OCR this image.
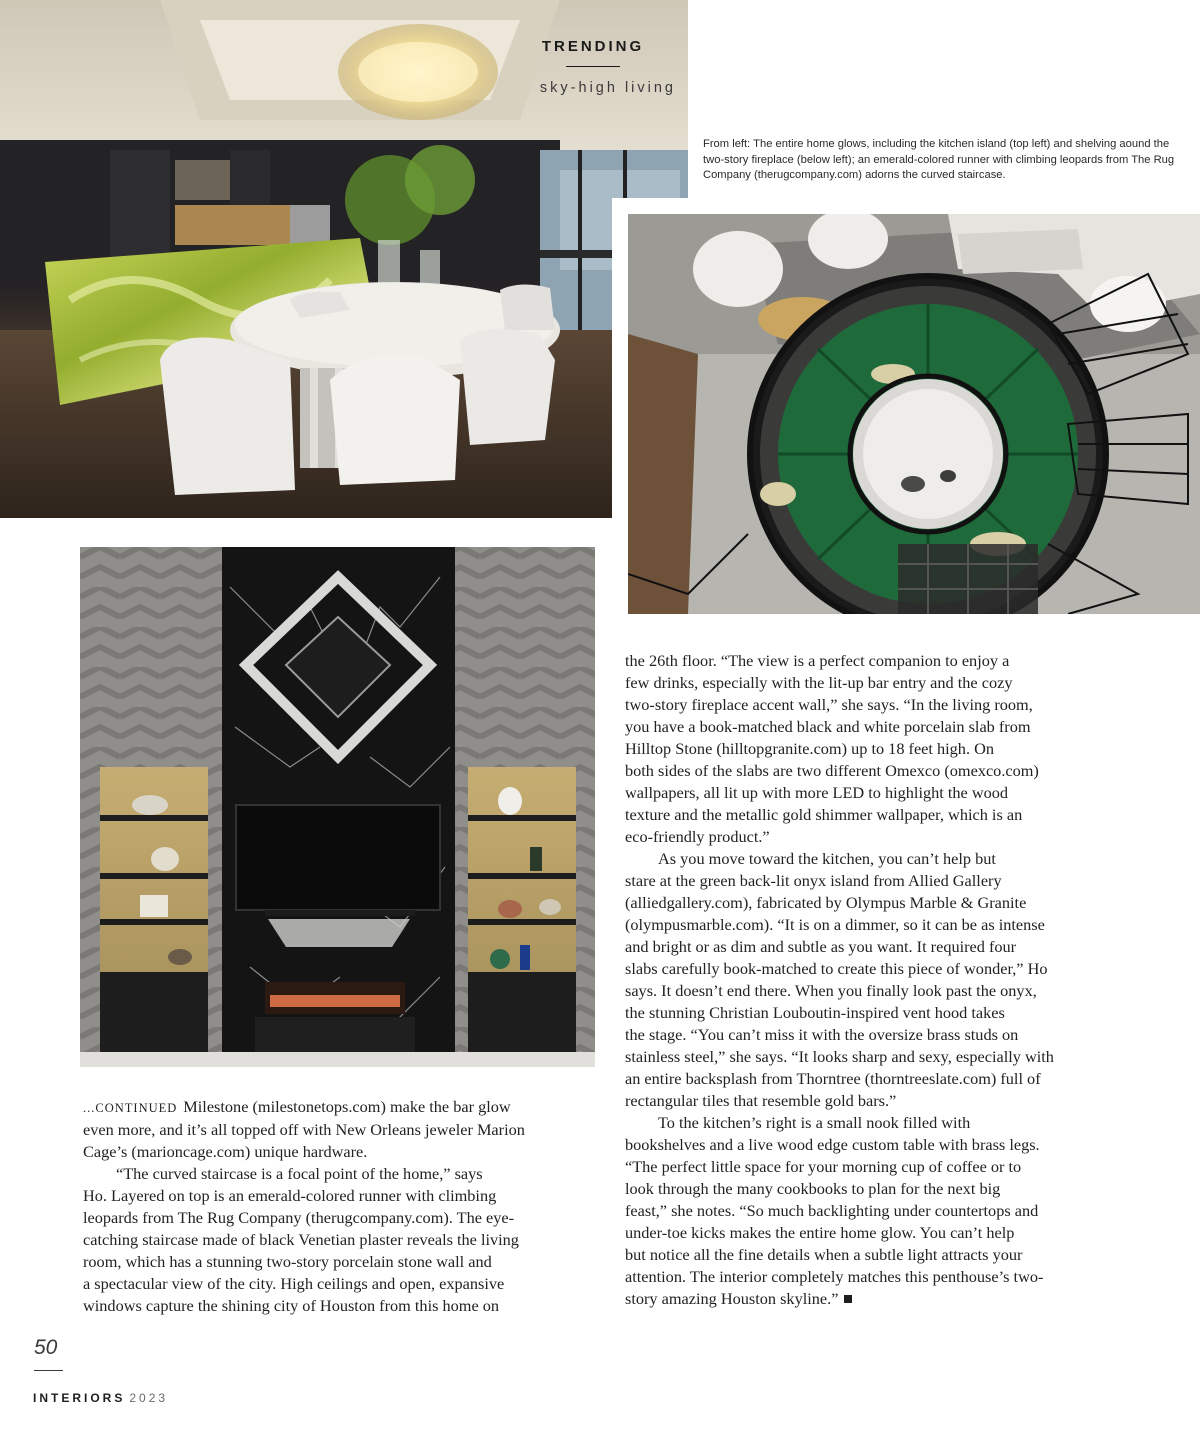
TRENDING
sky-high living
From left: The entire home glows, including the kitchen island (top left) and shelving aound the two-story fireplace (below left); an emerald-colored runner with climbing leopards from The Rug Company (therugcompany.com) adorns the curved staircase.
...CONTINUED Milestone (milestonetops.com) make the bar glow
even more, and it’s all topped off with New Orleans jeweler Marion
Cage’s (marioncage.com) unique hardware.
“The curved staircase is a focal point of the home,” says
Ho. Layered on top is an emerald-colored runner with climbing
leopards from The Rug Company (therugcompany.com). The eye-
catching staircase made of black Venetian plaster reveals the living
room, which has a stunning two-story porcelain stone wall and
a spectacular view of the city. High ceilings and open, expansive
windows capture the shining city of Houston from this home on
the 26th floor. “The view is a perfect companion to enjoy a
few drinks, especially with the lit-up bar entry and the cozy
two-story fireplace accent wall,” she says. “In the living room,
you have a book-matched black and white porcelain slab from
Hilltop Stone (hilltopgranite.com) up to 18 feet high. On
both sides of the slabs are two different Omexco (omexco.com)
wallpapers, all lit up with more LED to highlight the wood
texture and the metallic gold shimmer wallpaper, which is an
eco-friendly product.”
As you move toward the kitchen, you can’t help but
stare at the green back-lit onyx island from Allied Gallery
(alliedgallery.com), fabricated by Olympus Marble & Granite
(olympusmarble.com). “It is on a dimmer, so it can be as intense
and bright or as dim and subtle as you want. It required four
slabs carefully book-matched to create this piece of wonder,” Ho
says. It doesn’t end there. When you finally look past the onyx,
the stunning Christian Louboutin-inspired vent hood takes
the stage. “You can’t miss it with the oversize brass studs on
stainless steel,” she says. “It looks sharp and sexy, especially with
an entire backsplash from Thorntree (thorntreeslate.com) full of
rectangular tiles that resemble gold bars.”
To the kitchen’s right is a small nook filled with
bookshelves and a live wood edge custom table with brass legs.
“The perfect little space for your morning cup of coffee or to
look through the many cookbooks to plan for the next big
feast,” she notes. “So much backlighting under countertops and
under-toe kicks makes the entire home glow. You can’t help
but notice all the fine details when a subtle light attracts your
attention. The interior completely matches this penthouse’s two-
story amazing Houston skyline.”
50
INTERIORS 2023
